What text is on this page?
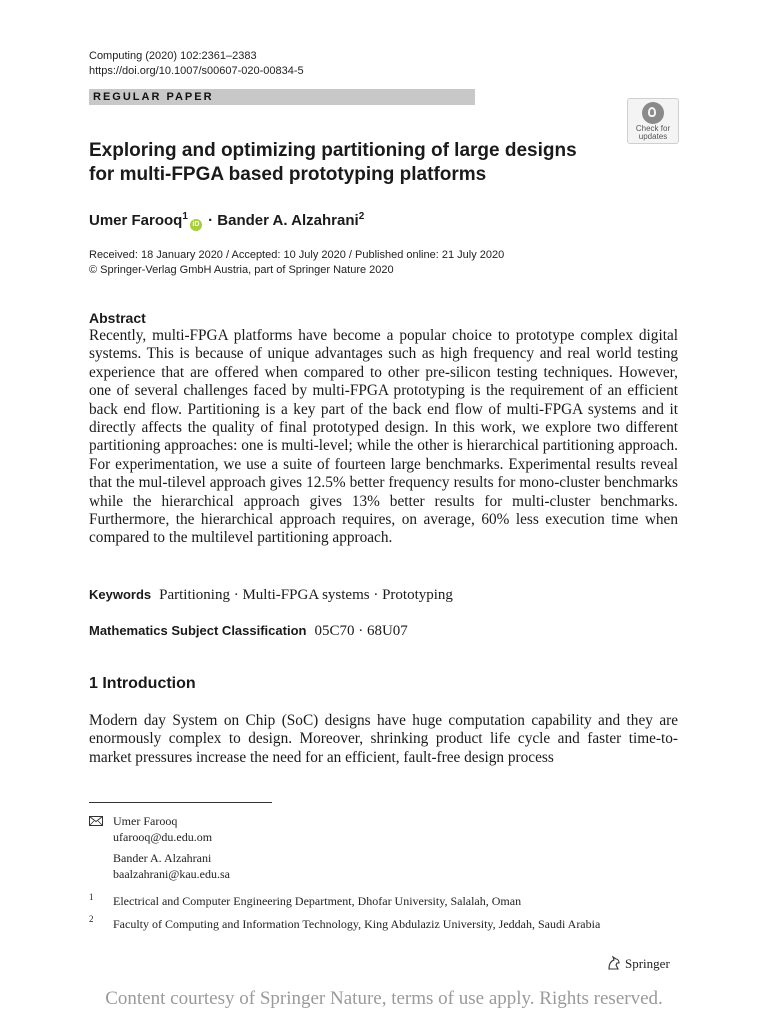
Computing (2020) 102:2361–2383
https://doi.org/10.1007/s00607-020-00834-5
REGULAR PAPER
Check for
updates
Exploring and optimizing partitioning of large designs
for multi-FPGA based prototyping platforms
Umer Farooq$^1$iD · Bander A. Alzahrani$^2$
Received: 18 January 2020 / Accepted: 10 July 2020 / Published online: 21 July 2020
© Springer-Verlag GmbH Austria, part of Springer Nature 2020
Abstract
Recently, multi-FPGA platforms have become a popular choice to prototype complex digital systems. This is because of unique advantages such as high frequency and real world testing experience that are offered when compared to other pre-silicon testing techniques. However, one of several challenges faced by multi-FPGA prototyping is the requirement of an efficient back end flow. Partitioning is a key part of the back end flow of multi-FPGA systems and it directly affects the quality of final prototyped design. In this work, we explore two different partitioning approaches: one is multi-level; while the other is hierarchical partitioning approach. For experimentation, we use a suite of fourteen large benchmarks. Experimental results reveal that the mul-tilevel approach gives 12.5% better frequency results for mono-cluster benchmarks while the hierarchical approach gives 13% better results for multi-cluster benchmarks. Furthermore, the hierarchical approach requires, on average, 60% less execution time when compared to the multilevel partitioning approach.
Keywords Partitioning · Multi-FPGA systems · Prototyping
Mathematics Subject Classification 05C70 · 68U07
1 Introduction
Modern day System on Chip (SoC) designs have huge computation capability and they are enormously complex to design. Moreover, shrinking product life cycle and faster time-to-market pressures increase the need for an efficient, fault-free design process
Umer Farooq
ufarooq@du.edu.om
Bander A. Alzahrani
baalzahrani@kau.edu.sa
1 Electrical and Computer Engineering Department, Dhofar University, Salalah, Oman
2 Faculty of Computing and Information Technology, King Abdulaziz University, Jeddah, Saudi Arabia
Springer
Content courtesy of Springer Nature, terms of use apply. Rights reserved.
